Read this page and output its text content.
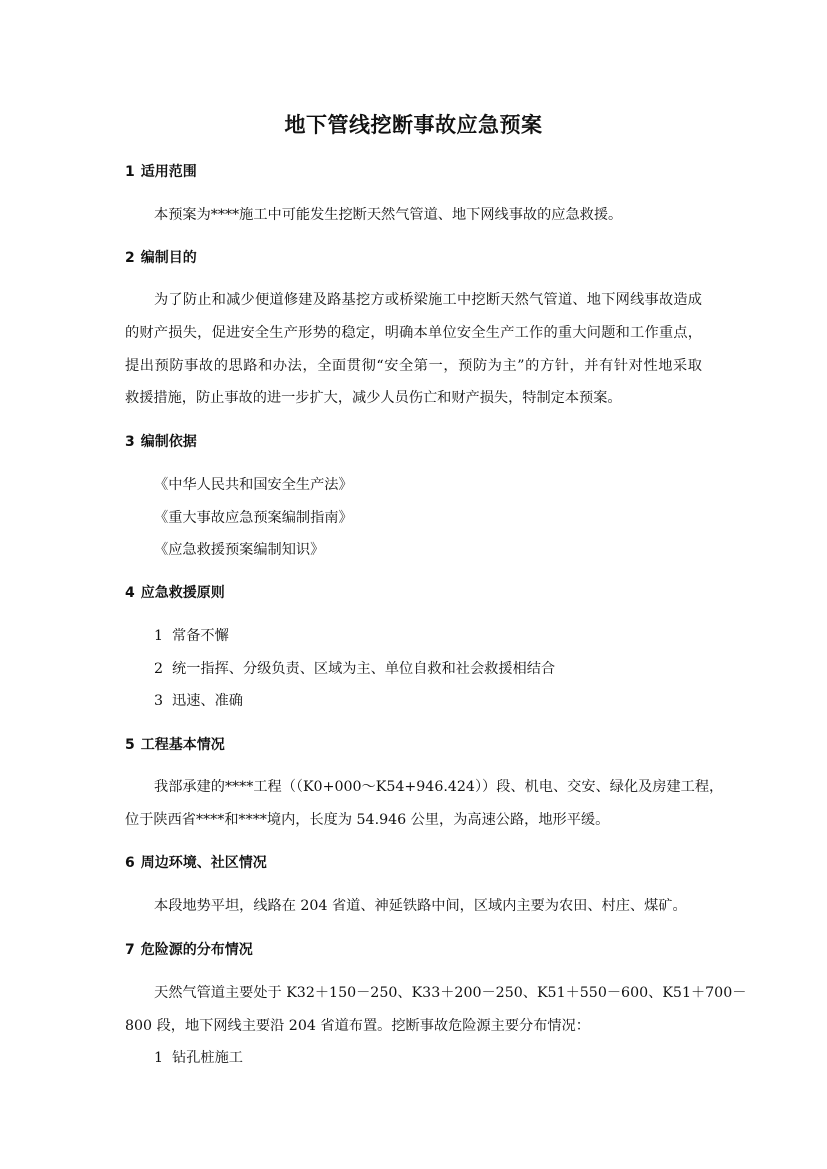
地下管线挖断事故应急预案
1 适用范围
本预案为****施工中可能发生挖断天然气管道、地下网线事故的应急救援。
2 编制目的
为了防止和减少便道修建及路基挖方或桥梁施工中挖断天然气管道、地下网线事故造成
的财产损失，促进安全生产形势的稳定，明确本单位安全生产工作的重大问题和工作重点，
提出预防事故的思路和办法，全面贯彻“安全第一，预防为主”的方针，并有针对性地采取
救援措施，防止事故的进一步扩大，减少人员伤亡和财产损失，特制定本预案。
3 编制依据
《中华人民共和国安全生产法》
《重大事故应急预案编制指南》
《应急救援预案编制知识》
4 应急救援原则
1  常备不懈
2  统一指挥、分级负责、区域为主、单位自救和社会救援相结合
3  迅速、准确
5 工程基本情况
我部承建的****工程（（K0+000～K54+946.424））段、机电、交安、绿化及房建工程，
位于陕西省****和****境内，长度为 54.946 公里，为高速公路，地形平缓。
6 周边环境、社区情况
本段地势平坦，线路在 204 省道、神延铁路中间，区域内主要为农田、村庄、煤矿。
7 危险源的分布情况
天然气管道主要处于 K32＋150－250、K33＋200－250、K51＋550－600、K51＋700－
800 段，地下网线主要沿 204 省道布置。挖断事故危险源主要分布情况：
1  钻孔桩施工
